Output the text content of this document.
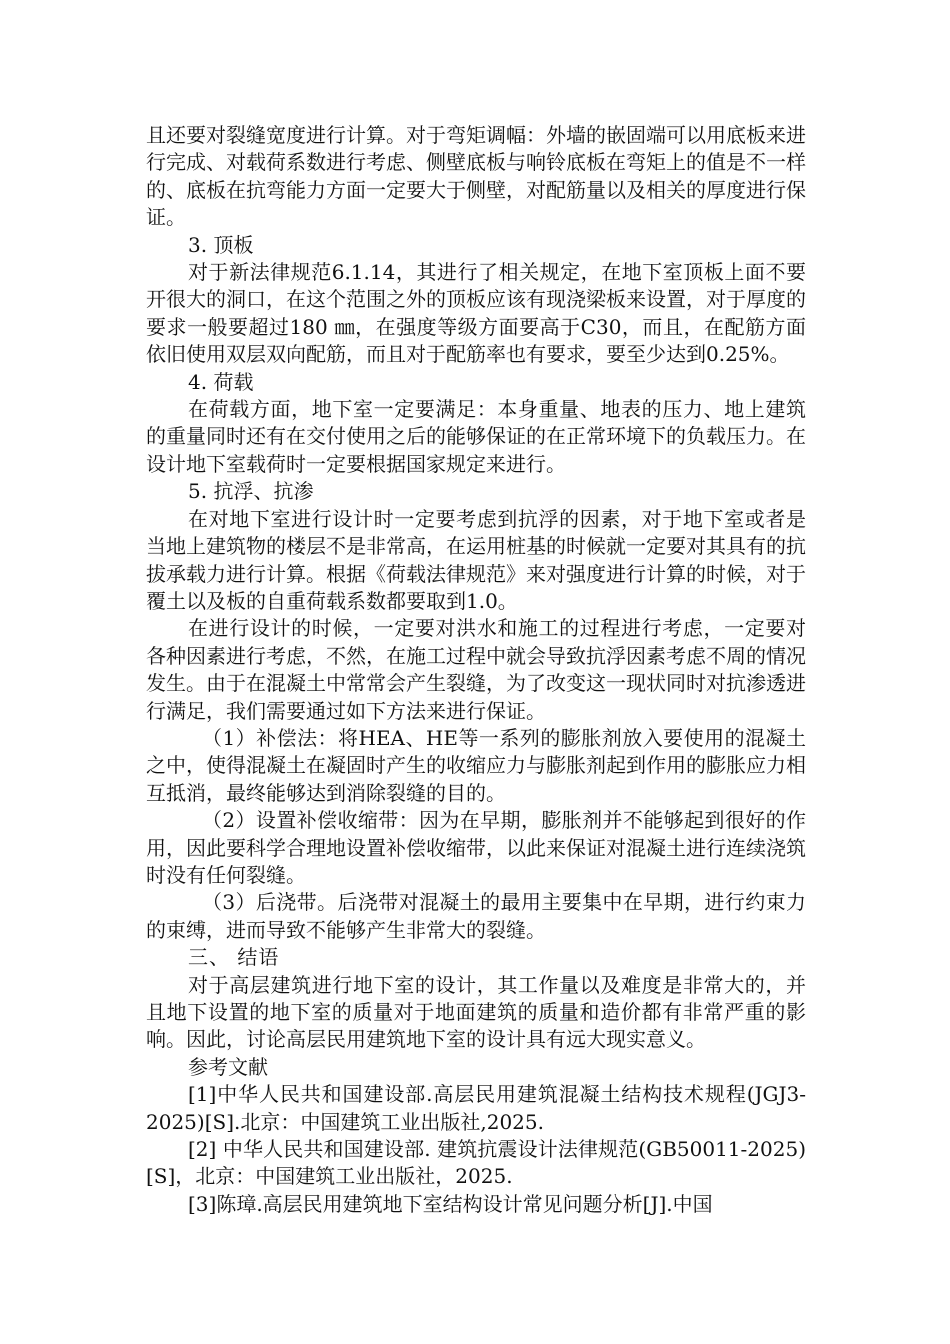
且还要对裂缝宽度进行计算。对于弯矩调幅：外墙的嵌固端可以用底板来进行完成、对载荷系数进行考虑、侧壁底板与响铃底板在弯矩上的值是不一样的、底板在抗弯能力方面一定要大于侧壁，对配筋量以及相关的厚度进行保证。

3. 顶板

对于新法律规范6.1.14，其进行了相关规定，在地下室顶板上面不要开很大的洞口，在这个范围之外的顶板应该有现浇梁板来设置，对于厚度的要求一般要超过180 ㎜，在强度等级方面要高于C30，而且，在配筋方面依旧使用双层双向配筋，而且对于配筋率也有要求，要至少达到0.25%。

4. 荷载

在荷载方面，地下室一定要满足：本身重量、地表的压力、地上建筑的重量同时还有在交付使用之后的能够保证的在正常环境下的负载压力。在设计地下室载荷时一定要根据国家规定来进行。

5. 抗浮、抗渗

在对地下室进行设计时一定要考虑到抗浮的因素，对于地下室或者是当地上建筑物的楼层不是非常高，在运用桩基的时候就一定要对其具有的抗拔承载力进行计算。根据《荷载法律规范》来对强度进行计算的时候，对于覆土以及板的自重荷载系数都要取到1.0。

在进行设计的时候，一定要对洪水和施工的过程进行考虑，一定要对各种因素进行考虑，不然，在施工过程中就会导致抗浮因素考虑不周的情况发生。由于在混凝土中常常会产生裂缝，为了改变这一现状同时对抗渗透进行满足，我们需要通过如下方法来进行保证。

（1）补偿法：将HEA、HE等一系列的膨胀剂放入要使用的混凝土之中，使得混凝土在凝固时产生的收缩应力与膨胀剂起到作用的膨胀应力相互抵消，最终能够达到消除裂缝的目的。

（2）设置补偿收缩带：因为在早期，膨胀剂并不能够起到很好的作用，因此要科学合理地设置补偿收缩带，以此来保证对混凝土进行连续浇筑时没有任何裂缝。

（3）后浇带。后浇带对混凝土的最用主要集中在早期，进行约束力的束缚，进而导致不能够产生非常大的裂缝。

三、 结语

对于高层建筑进行地下室的设计，其工作量以及难度是非常大的，并且地下设置的地下室的质量对于地面建筑的质量和造价都有非常严重的影响。因此，讨论高层民用建筑地下室的设计具有远大现实意义。

参考文献

[1]中华人民共和国建设部.高层民用建筑混凝土结构技术规程(JGJ3-2025)[S].北京：中国建筑工业出版社,2025.

[2] 中华人民共和国建设部. 建筑抗震设计法律规范(GB50011-2025)[S]，北京：中国建筑工业出版社，2025.

[3]陈璋.高层民用建筑地下室结构设计常见问题分析[J].中国
